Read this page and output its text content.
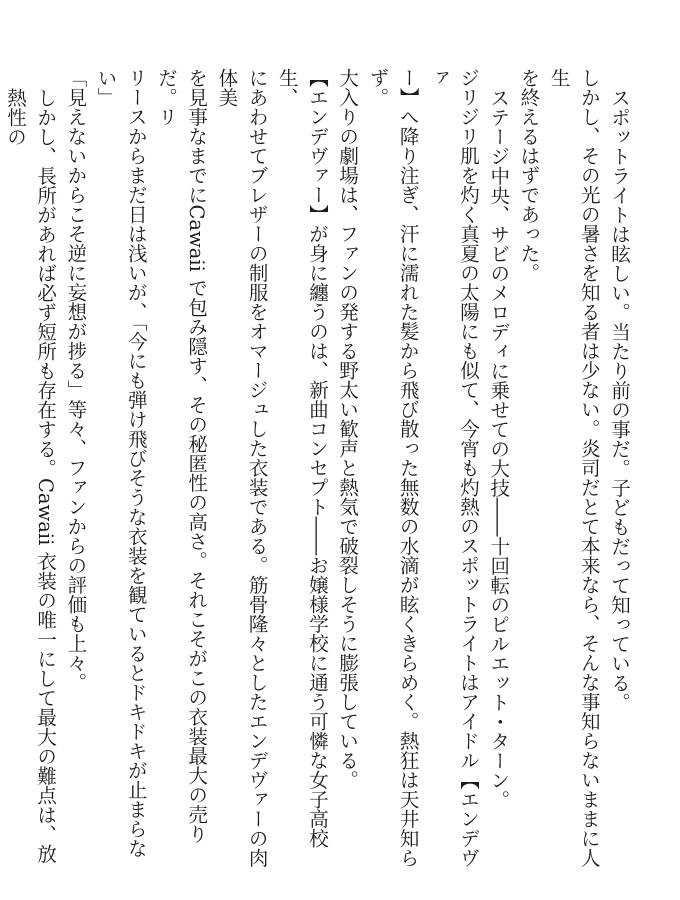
スポットライトは眩しい。当たり前の事だ。子どもだって知っている。

しかし、その光の暑さを知る者は少ない。炎司だとて本来なら、そんな事知らないままに人生

を終えるはずであった。

ステージ中央、サビのメロディに乗せての大技――十回転のピルエット・ターン。

ジリジリ肌を灼く真夏の太陽にも似て、今宵も灼熱のスポットライトはアイドル【エンデヴァ

ー】へ降り注ぎ、汗に濡れた髪から飛び散った無数の水滴が眩くきらめく。熱狂は天井知らず。

大入りの劇場は、ファンの発する野太い歓声と熱気で破裂しそうに膨張している。

【エンデヴァー】が身に纏うのは、新曲コンセプト――お嬢様学校に通う可憐な女子高校生、

にあわせてブレザーの制服をオマージュした衣装である。筋骨隆々としたエンデヴァーの肉体美

を見事なまでにCawaii で包み隠す、その秘匿性の高さ。それこそがこの衣装最大の売りだ。リ

リースからまだ日は浅いが、「今にも弾け飛びそうな衣装を観ているとドキドキが止まらない」

「見えないからこそ逆に妄想が捗る」等々、ファンからの評価も上々。

しかし、長所があれば必ず短所も存在する。Cawaii 衣装の唯一にして最大の難点は、放熱性の
